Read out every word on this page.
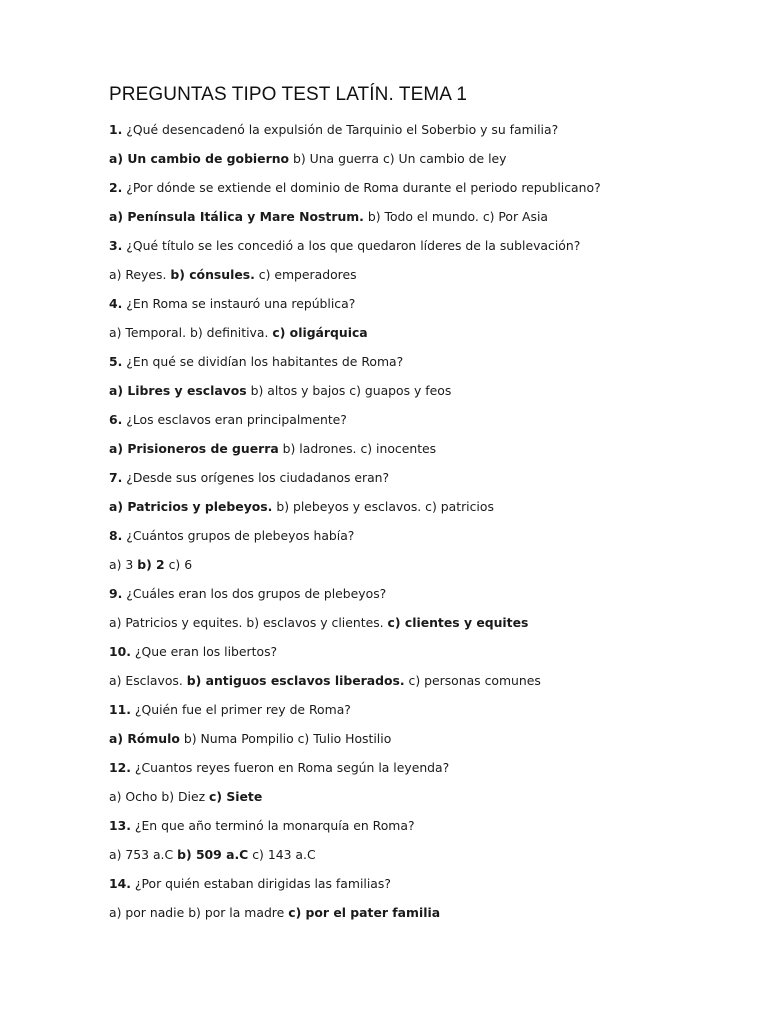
PREGUNTAS TIPO TEST LATÍN. TEMA 1
1. ¿Qué desencadenó la expulsión de Tarquinio el Soberbio y su familia?
a) Un cambio de gobierno b) Una guerra c) Un cambio de ley
2. ¿Por dónde se extiende el dominio de Roma durante el periodo republicano?
a) Península Itálica y Mare Nostrum. b) Todo el mundo. c) Por Asia
3. ¿Qué título se les concedió a los que quedaron líderes de la sublevación?
a) Reyes. b) cónsules. c) emperadores
4. ¿En Roma se instauró una república?
a) Temporal. b) definitiva. c) oligárquica
5. ¿En qué se dividían los habitantes de Roma?
a) Libres y esclavos b) altos y bajos c) guapos y feos
6. ¿Los esclavos eran principalmente?
a) Prisioneros de guerra b) ladrones. c) inocentes
7. ¿Desde sus orígenes los ciudadanos eran?
a) Patricios y plebeyos. b) plebeyos y esclavos. c) patricios
8. ¿Cuántos grupos de plebeyos había?
a) 3 b) 2 c) 6
9. ¿Cuáles eran los dos grupos de plebeyos?
a) Patricios y equites. b) esclavos y clientes. c) clientes y equites
10. ¿Que eran los libertos?
a) Esclavos. b) antiguos esclavos liberados. c) personas comunes
11. ¿Quién fue el primer rey de Roma?
a) Rómulo b) Numa Pompilio c) Tulio Hostilio
12. ¿Cuantos reyes fueron en Roma según la leyenda?
a) Ocho b) Diez c) Siete
13. ¿En que año terminó la monarquía en Roma?
a) 753 a.C b) 509 a.C c) 143 a.C
14. ¿Por quién estaban dirigidas las familias?
a) por nadie b) por la madre c) por el pater familia
